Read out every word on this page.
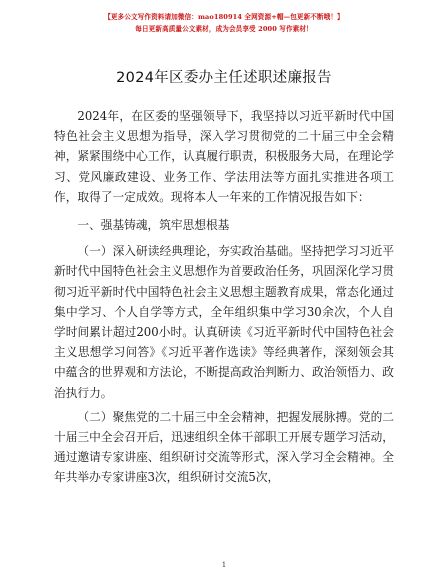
【更多公文写作资料请加微信：mao180914 全网资源+帽—包更新不断哦！】
每日更新高质量公文素材，成为会员享受 2000 写作素材！
2024年区委办主任述职述廉报告

2024年，在区委的坚强领导下，我坚持以习近平新时代中国特色社会主义思想为指导，深入学习贯彻党的二十届三中全会精神，紧紧围绕中心工作，认真履行职责，积极服务大局，在理论学习、党风廉政建设、业务工作、学法用法等方面扎实推进各项工作，取得了一定成效。现将本人一年来的工作情况报告如下：

一、强基铸魂，筑牢思想根基

（一）深入研读经典理论，夯实政治基础。坚持把学习习近平新时代中国特色社会主义思想作为首要政治任务，巩固深化学习贯彻习近平新时代中国特色社会主义思想主题教育成果，常态化通过集中学习、个人自学等方式，全年组织集中学习30余次，个人自学时间累计超过200小时。认真研读《习近平新时代中国特色社会主义思想学习问答》《习近平著作选读》等经典著作，深刻领会其中蕴含的世界观和方法论，不断提高政治判断力、政治领悟力、政治执行力。

（二）聚焦党的二十届三中全会精神，把握发展脉搏。党的二十届三中全会召开后，迅速组织全体干部职工开展专题学习活动，通过邀请专家讲座、组织研讨交流等形式，深入学习全会精神。全年共举办专家讲座3次，组织研讨交流5次，

1
